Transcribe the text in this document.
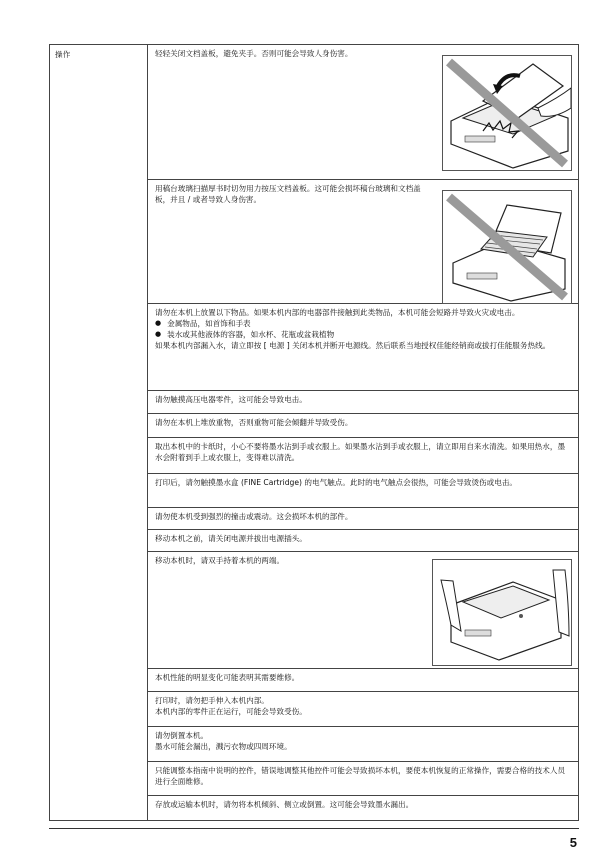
操作	轻轻关闭文档盖板，避免夹手。否则可能会导致人身伤害。

用稿台玻璃扫描厚书时切勿用力按压文档盖板。这可能会损坏稿台玻璃和文档盖板，并且 / 或者导致人身伤害。

请勿在本机上放置以下物品。如果本机内部的电器部件接触到此类物品，本机可能会短路并导致火灾或电击。

● 金属物品，如首饰和手表
● 装水或其他液体的容器，如水杯、花瓶或盆栽植物

如果本机内部漏入水，请立即按 [ 电源 ] 关闭本机并断开电源线。然后联系当地授权佳能经销商或拔打佳能服务热线。

请勿触摸高压电器零件，这可能会导致电击。

请勿在本机上堆放重物，否则重物可能会倾翻并导致受伤。

取出本机中的卡纸时，小心不要将墨水沾到手或衣服上。如果墨水沾到手或衣服上，请立即用自来水清洗。如果用热水，墨水会附着到手上或衣服上，变得难以清洗。

打印后，请勿触摸墨水盒 (FINE Cartridge) 的电气触点。此时的电气触点会很热，可能会导致烫伤或电击。

请勿使本机受到强烈的撞击或震动。这会损坏本机的部件。

移动本机之前，请关闭电源并拔出电源插头。

移动本机时，请双手持着本机的两端。

本机性能的明显变化可能表明其需要维修。

打印时，请勿把手伸入本机内部。

本机内部的零件正在运行，可能会导致受伤。

请勿倒置本机。

墨水可能会漏出，溅污衣物或四周环境。

只能调整本指南中说明的控件，错误地调整其他控件可能会导致损坏本机，要使本机恢复的正常操作，需要合格的技术人员进行全面维修。

存放或运输本机时，请勿将本机倾斜、侧立或倒置。这可能会导致墨水漏出。

5
